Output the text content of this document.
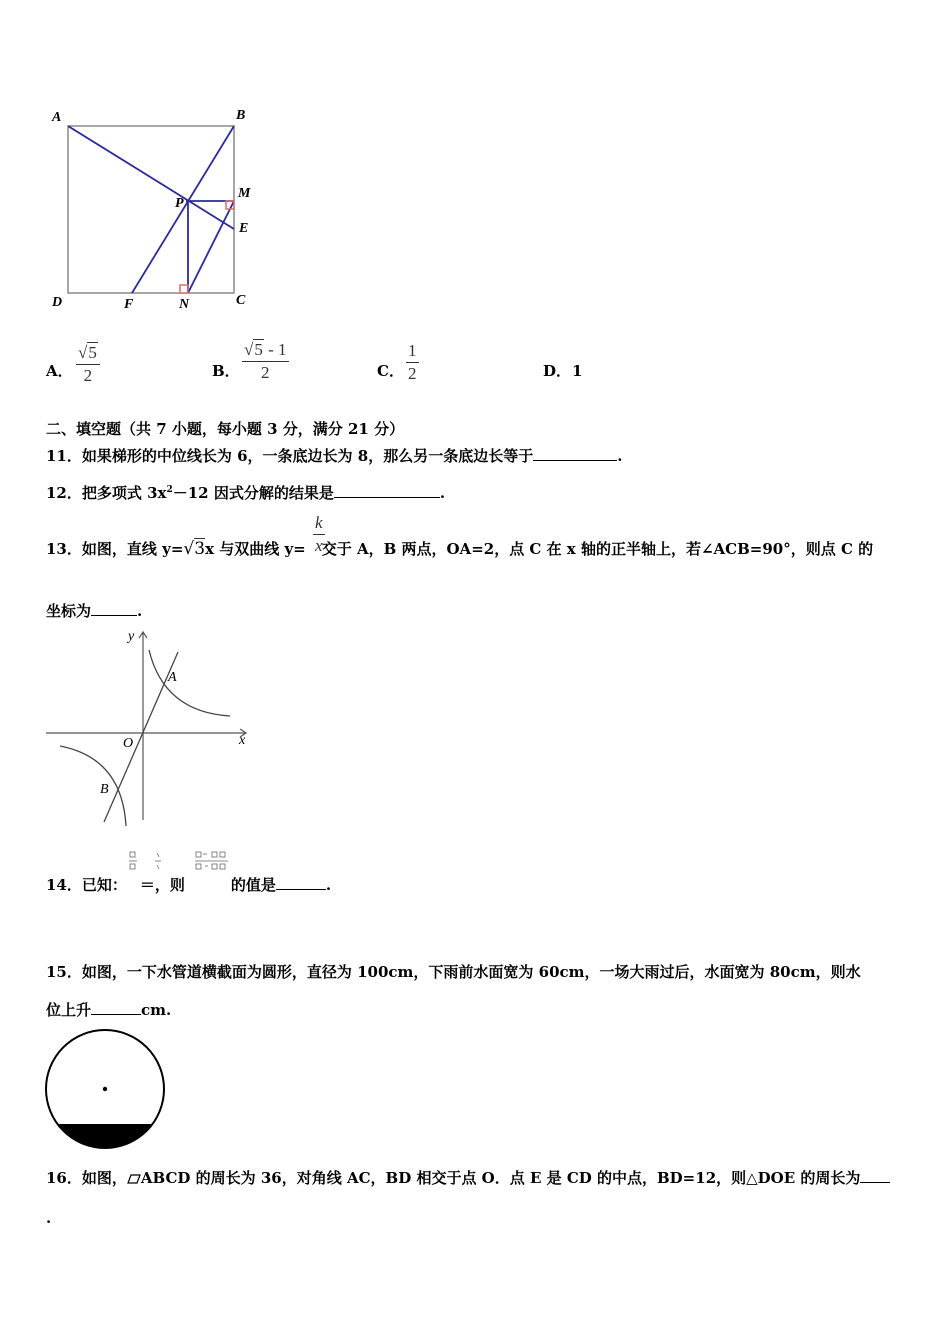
A	B
M
P
E
D	F	N	C
A． $\frac{√5}{2}$	B． $\frac{√5 - 1}{2}$	C． $\frac{1}{2}$	D． 1
二、填空题（共 7 小题，每小题 3 分，满分 21 分）
11．如果梯形的中位线长为 6，一条底边长为 8，那么另一条底边长等于	.
12．把多项式 $3x^2-12$ 因式分解的结果是	.
13．如图，直线 y=√3x 与双曲线 y= 交于 A，B 两点，OA=2，点 C 在 x 轴的正半轴上，若∠ACB=90°，则点 C 的
$\frac{k}{x}$
坐标为	.
y
x
O
A
B
14．已知： ＝，则	的值是	.
15．如图，一下水管道横截面为圆形，直径为 100cm，下雨前水面宽为 60cm，一场大雨过后，水面宽为 80cm，则水
位上升	cm.
16．如图， ABCD 的周长为 36，对角线 AC，BD 相交于点 O．点 E 是 CD 的中点，BD=12，则△DOE 的周长为
.
